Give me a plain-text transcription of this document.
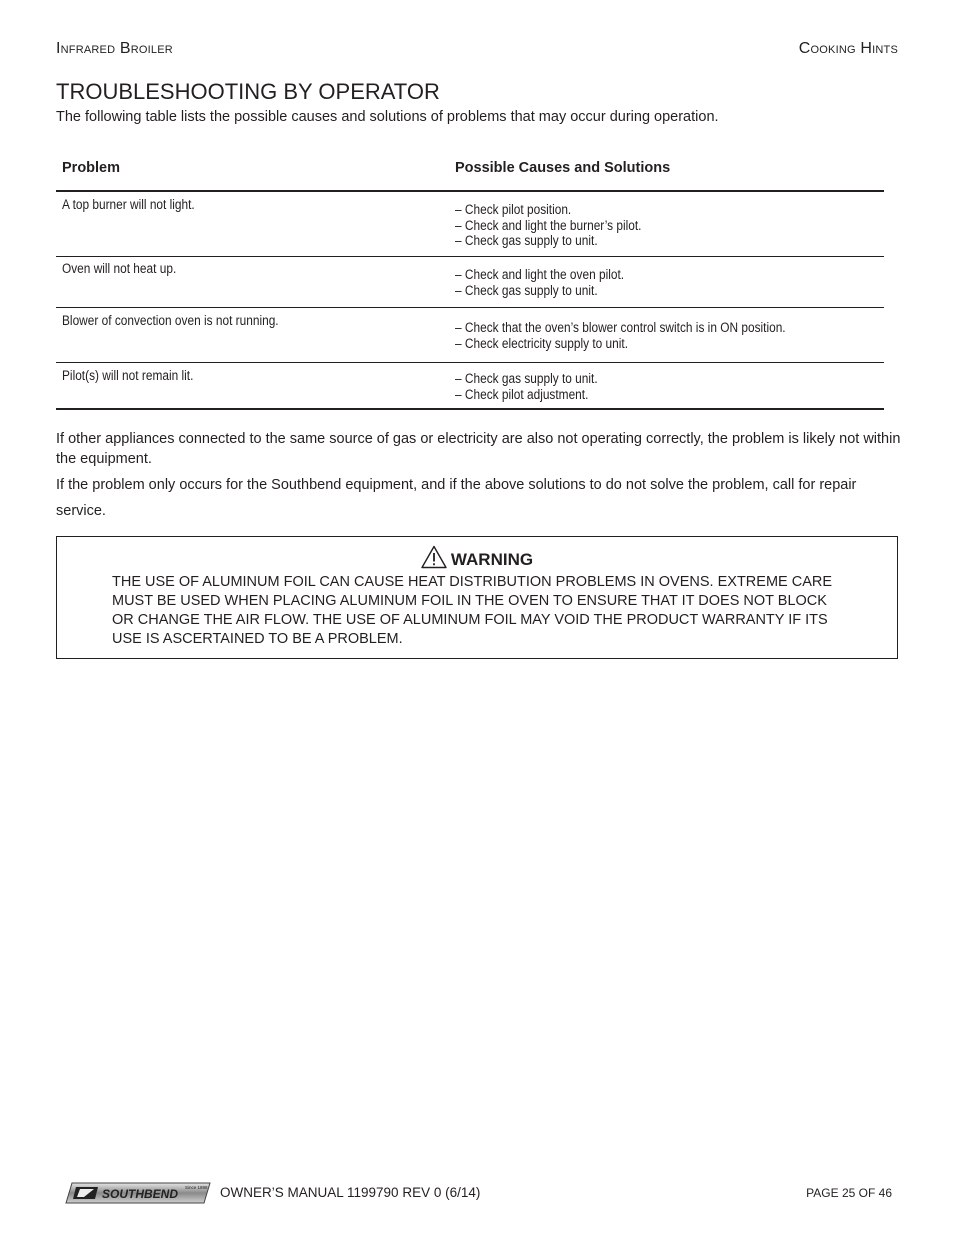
Infrared Broiler	Cooking Hints
TROUBLESHOOTING BY OPERATOR

The following table lists the possible causes and solutions of problems that may occur during operation.

Problem	Possible Causes and Solutions
A top burner will not light.	– Check pilot position.
– Check and light the burner’s pilot.
– Check gas supply to unit.
Oven will not heat up.	– Check and light the oven pilot.
– Check gas supply to unit.
Blower of convection oven is not running.	– Check that the oven’s blower control switch is in ON position.
– Check electricity supply to unit.
Pilot(s) will not remain lit.	– Check gas supply to unit.
– Check pilot adjustment.

If other appliances connected to the same source of gas or electricity are also not operating correctly, the problem is likely not within the equipment.

If the problem only occurs for the Southbend equipment, and if the above solutions to do not solve the problem, call for repair service.

WARNING
THE USE OF ALUMINUM FOIL CAN CAUSE HEAT DISTRIBUTION PROBLEMS IN OVENS. EXTREME CARE MUST BE USED WHEN PLACING ALUMINUM FOIL IN THE OVEN TO ENSURE THAT IT DOES NOT BLOCK OR CHANGE THE AIR FLOW. THE USE OF ALUMINUM FOIL MAY VOID THE PRODUCT WARRANTY IF ITS USE IS ASCERTAINED TO BE A PROBLEM.
SOUTHBEND Since 1898 OWNER’S MANUAL 1199790 REV 0 (6/14)	PAGE 25 OF 46
